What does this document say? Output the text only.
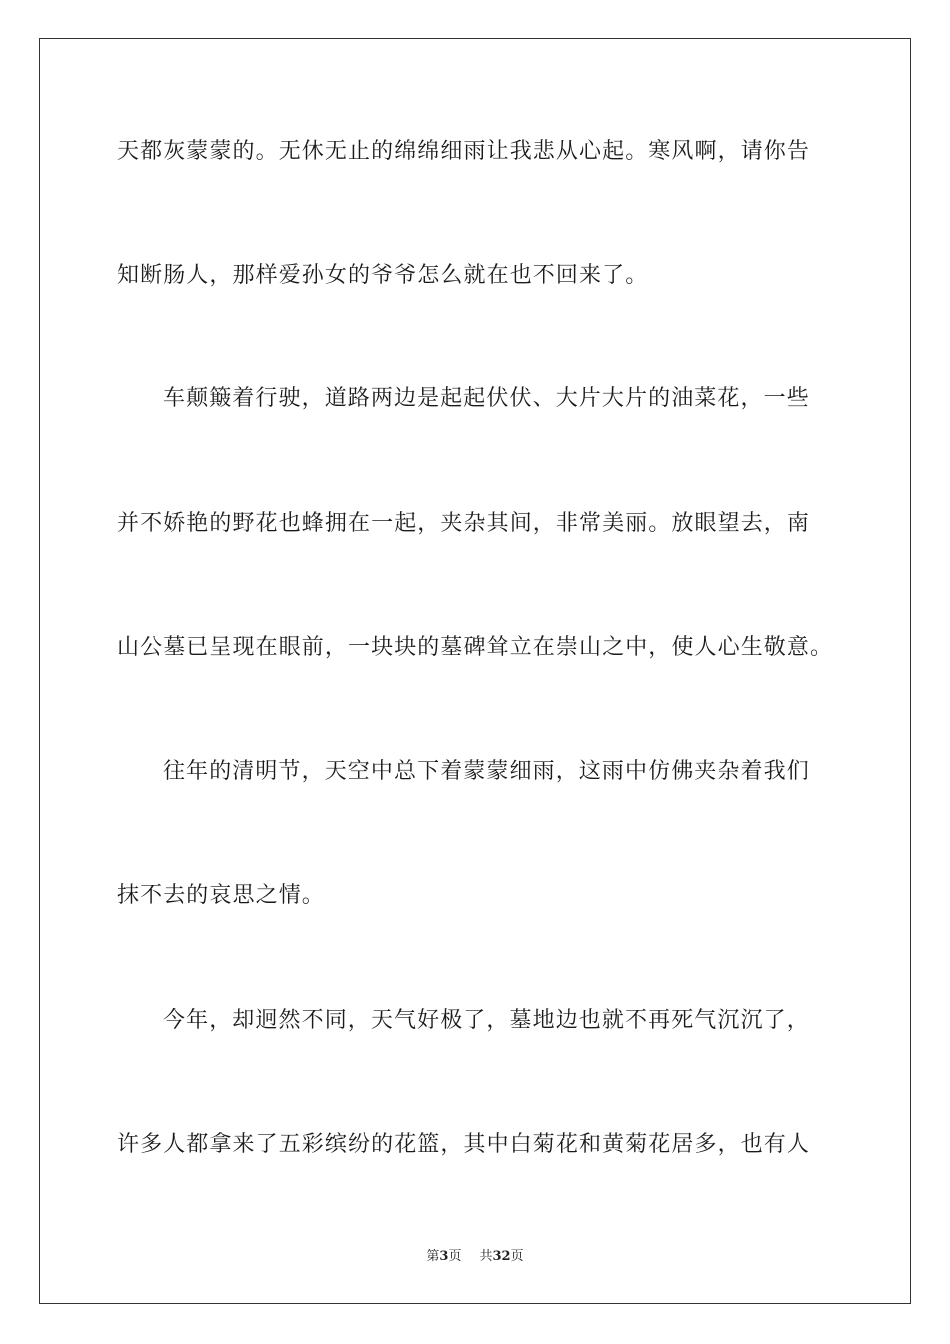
天都灰蒙蒙的。无休无止的绵绵细雨让我悲从心起。寒风啊，请你告
知断肠人，那样爱孙女的爷爷怎么就在也不回来了。
车颠簸着行驶，道路两边是起起伏伏、大片大片的油菜花，一些
并不娇艳的野花也蜂拥在一起，夹杂其间，非常美丽。放眼望去，南
山公墓已呈现在眼前，一块块的墓碑耸立在崇山之中，使人心生敬意。
往年的清明节，天空中总下着蒙蒙细雨，这雨中仿佛夹杂着我们
抹不去的哀思之情。
今年，却迥然不同，天气好极了，墓地边也就不再死气沉沉了，
许多人都拿来了五彩缤纷的花篮，其中白菊花和黄菊花居多，也有人
第3页 共32页
